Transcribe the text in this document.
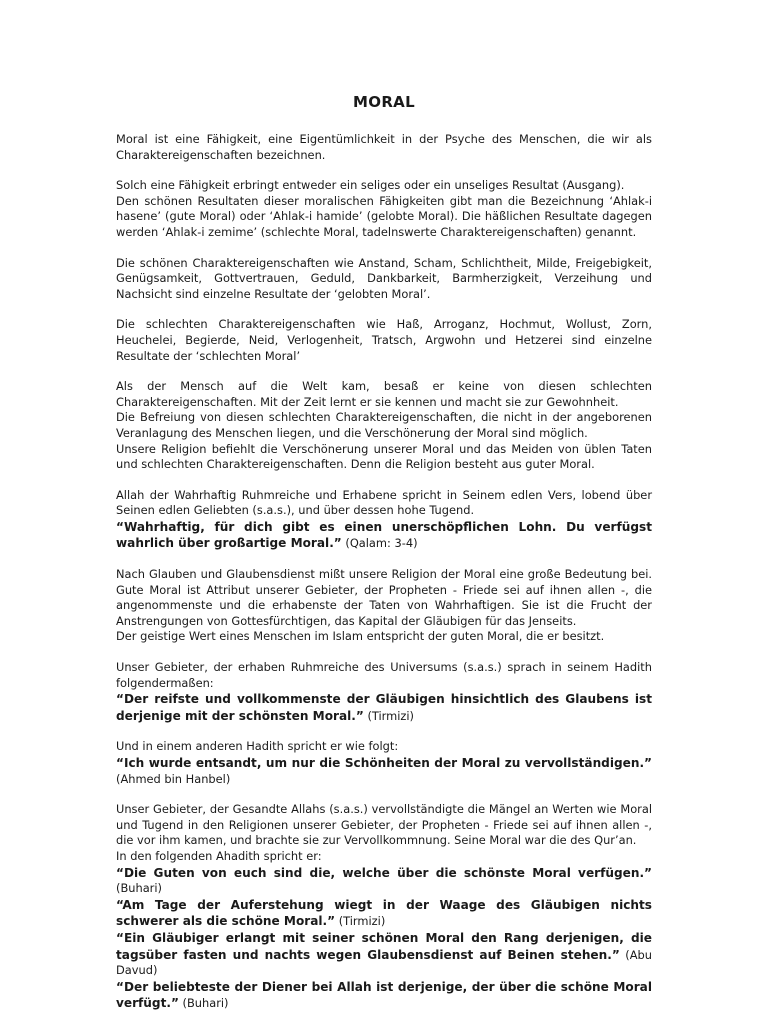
MORAL

Moral ist eine Fähigkeit, eine Eigentümlichkeit in der Psyche des Menschen, die wir als Charaktereigenschaften bezeichnen.

Solch eine Fähigkeit erbringt entweder ein seliges oder ein unseliges Resultat (Ausgang).
Den schönen Resultaten dieser moralischen Fähigkeiten gibt man die Bezeichnung ‘Ahlak-i hasene’ (gute Moral) oder ‘Ahlak-i hamide’ (gelobte Moral). Die häßlichen Resultate dagegen werden ‘Ahlak-i zemime’ (schlechte Moral, tadelnswerte Charaktereigenschaften) genannt.

Die schönen Charaktereigenschaften wie Anstand, Scham, Schlichtheit, Milde, Freigebigkeit, Genügsamkeit, Gottvertrauen, Geduld, Dankbarkeit, Barmherzigkeit, Verzeihung und Nachsicht sind einzelne Resultate der ‘gelobten Moral’.

Die schlechten Charaktereigenschaften wie Haß, Arroganz, Hochmut, Wollust, Zorn, Heuchelei, Begierde, Neid, Verlogenheit, Tratsch, Argwohn und Hetzerei sind einzelne Resultate der ‘schlechten Moral’

Als der Mensch auf die Welt kam, besaß er keine von diesen schlechten Charaktereigenschaften. Mit der Zeit lernt er sie kennen und macht sie zur Gewohnheit.
Die Befreiung von diesen schlechten Charaktereigenschaften, die nicht in der angeborenen Veranlagung des Menschen liegen, und die Verschönerung der Moral sind möglich.
Unsere Religion befiehlt die Verschönerung unserer Moral und das Meiden von üblen Taten und schlechten Charaktereigenschaften. Denn die Religion besteht aus guter Moral.

Allah der Wahrhaftig Ruhmreiche und Erhabene spricht in Seinem edlen Vers, lobend über Seinen edlen Geliebten (s.a.s.), und über dessen hohe Tugend.
“Wahrhaftig, für dich gibt es einen unerschöpflichen Lohn. Du verfügst wahrlich über großartige Moral.” (Qalam: 3-4)

Nach Glauben und Glaubensdienst mißt unsere Religion der Moral eine große Bedeutung bei. Gute Moral ist Attribut unserer Gebieter, der Propheten - Friede sei auf ihnen allen -, die angenommenste und die erhabenste der Taten von Wahrhaftigen. Sie ist die Frucht der Anstrengungen von Gottesfürchtigen, das Kapital der Gläubigen für das Jenseits.
Der geistige Wert eines Menschen im Islam entspricht der guten Moral, die er besitzt.

Unser Gebieter, der erhaben Ruhmreiche des Universums (s.a.s.) sprach in seinem Hadith folgendermaßen:
“Der reifste und vollkommenste der Gläubigen hinsichtlich des Glaubens ist derjenige mit der schönsten Moral.” (Tirmizi)

Und in einem anderen Hadith spricht er wie folgt:
“Ich wurde entsandt, um nur die Schönheiten der Moral zu vervollständigen.” (Ahmed bin Hanbel)

Unser Gebieter, der Gesandte Allahs (s.a.s.) vervollständigte die Mängel an Werten wie Moral und Tugend in den Religionen unserer Gebieter, der Propheten - Friede sei auf ihnen allen -, die vor ihm kamen, und brachte sie zur Vervollkommnung. Seine Moral war die des Qur’an.
In den folgenden Ahadith spricht er:
“Die Guten von euch sind die, welche über die schönste Moral verfügen.” (Buhari)
“Am Tage der Auferstehung wiegt in der Waage des Gläubigen nichts schwerer als die schöne Moral.” (Tirmizi)
“Ein Gläubiger erlangt mit seiner schönen Moral den Rang derjenigen, die tagsüber fasten und nachts wegen Glaubensdienst auf Beinen stehen.” (Abu Davud)
“Der beliebteste der Diener bei Allah ist derjenige, der über die schöne Moral verfügt.” (Buhari)
